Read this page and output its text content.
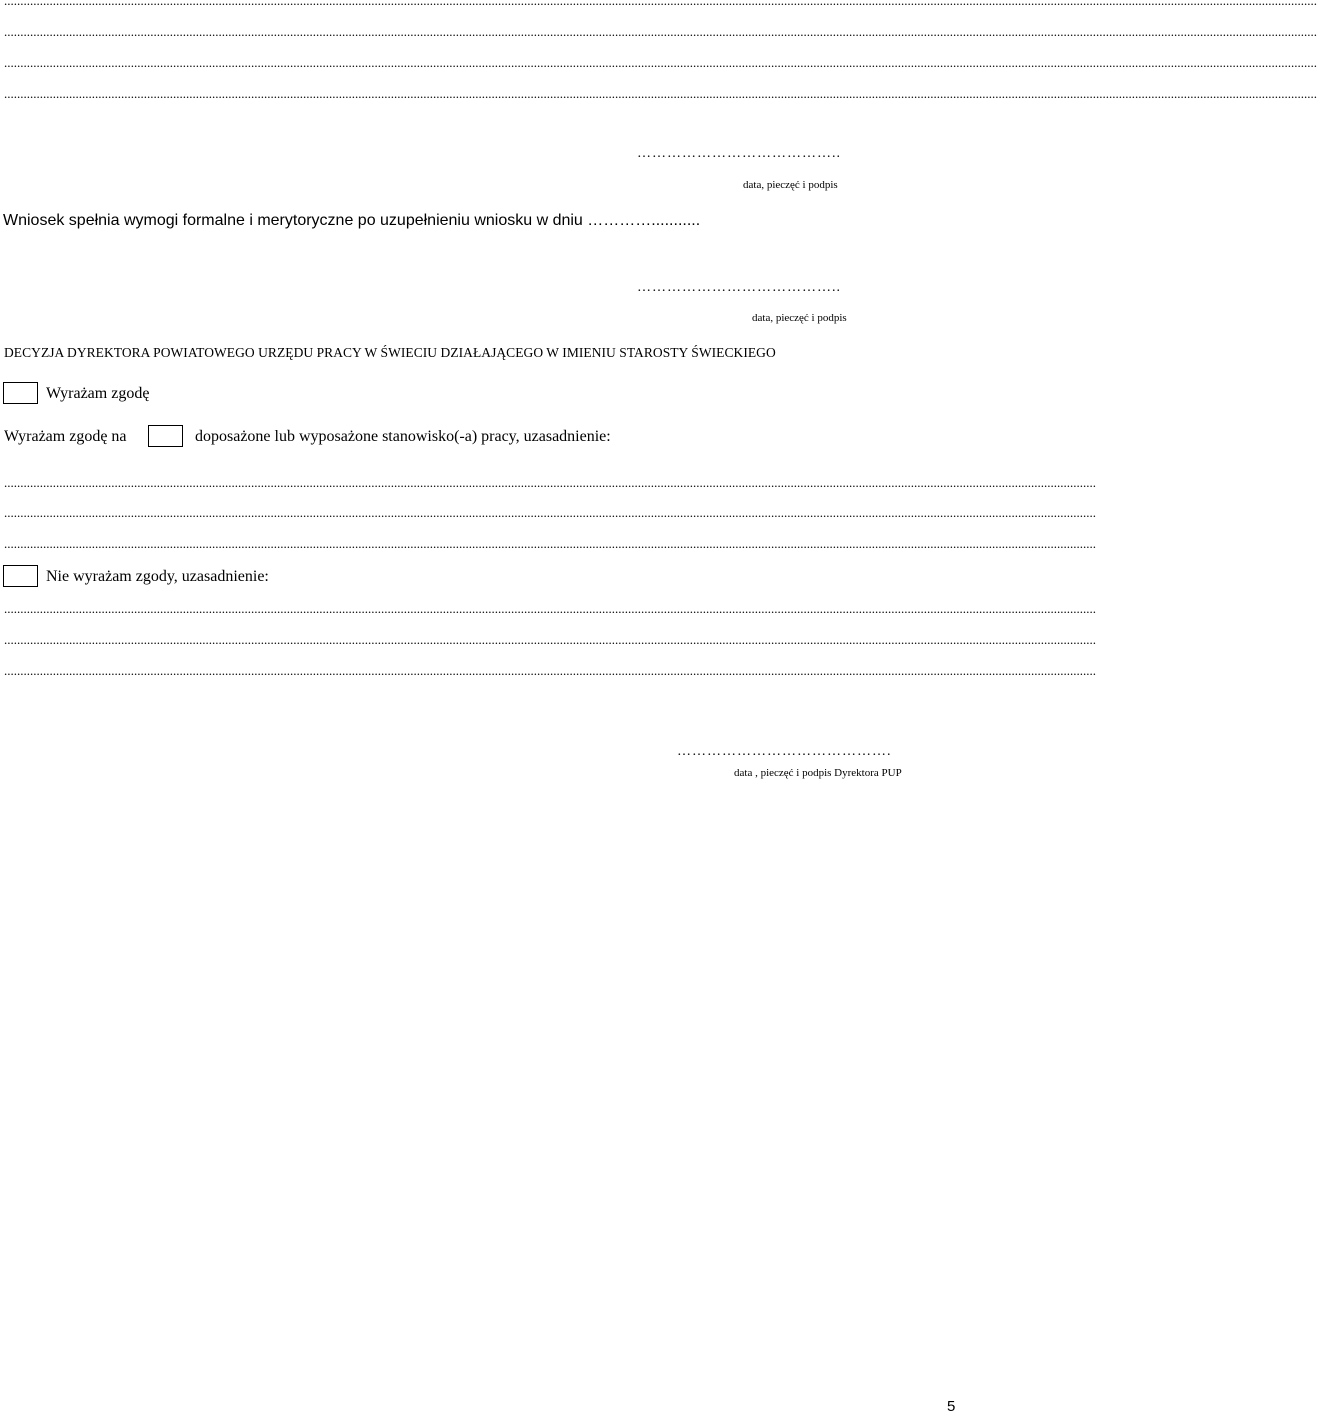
....................................................................................................................................................................................................................................................................................................................................................................................................................
....................................................................................................................................................................................................................................................................................................................................................................................................................
....................................................................................................................................................................................................................................................................................................................................................................................................................
....................................................................................................................................................................................................................................................................................................................................................................................................................
…………………………………..
data, pieczęć i podpis
Wniosek spełnia wymogi formalne i merytoryczne po uzupełnieniu wniosku w dniu …………...........
…………………………………..
data, pieczęć i podpis
DECYZJA DYREKTORA POWIATOWEGO URZĘDU PRACY W ŚWIECIU DZIAŁAJĄCEGO W IMIENIU STAROSTY ŚWIECKIEGO
Wyrażam zgodę
Wyrażam zgodę na	doposażone lub wyposażone stanowisko(-a) pracy, uzasadnienie:
................................................................................................................................................................................................................................................................................................................................................
................................................................................................................................................................................................................................................................................................................................................
................................................................................................................................................................................................................................................................................................................................................
Nie wyrażam zgody, uzasadnienie:
................................................................................................................................................................................................................................................................................................................................................
................................................................................................................................................................................................................................................................................................................................................
................................................................................................................................................................................................................................................................................................................................................
…………………………………….
data , pieczęć i podpis Dyrektora PUP
5
